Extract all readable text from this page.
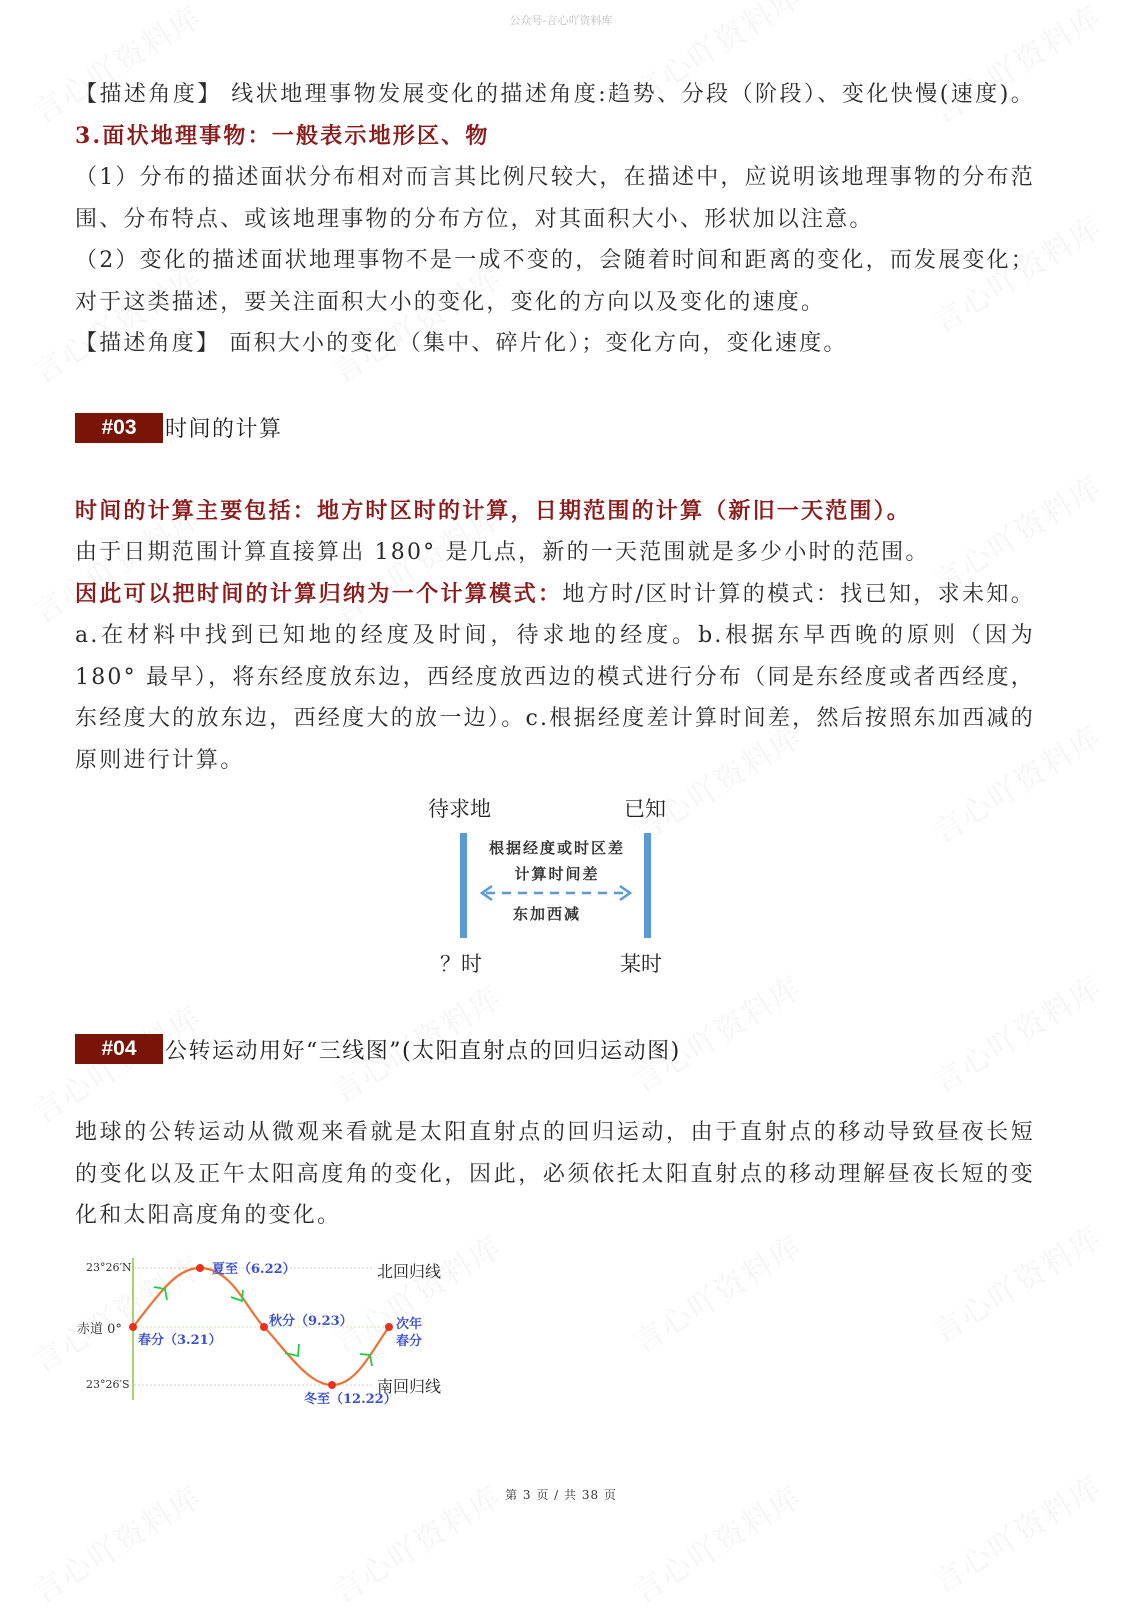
公众号-言心吖资料库

【描述角度】 线状地理事物发展变化的描述角度:趋势、分段（阶段）、变化快慢(速度)。3.面状地理事物：一般表示地形区、物

（1）分布的描述面状分布相对而言其比例尺较大，在描述中，应说明该地理事物的分布范围、分布特点、或该地理事物的分布方位，对其面积大小、形状加以注意。

（2）变化的描述面状地理事物不是一成不变的，会随着时间和距离的变化，而发展变化；对于这类描述，要关注面积大小的变化，变化的方向以及变化的速度。

【描述角度】 面积大小的变化（集中、碎片化）；变化方向，变化速度。

#03	时间的计算

时间的计算主要包括：地方时区时的计算，日期范围的计算（新旧一天范围）。

由于日期范围计算直接算出 180° 是几点，新的一天范围就是多少小时的范围。

因此可以把时间的计算归纳为一个计算模式：地方时/区时计算的模式：找已知，求未知。a.在材料中找到已知地的经度及时间，待求地的经度。b.根据东早西晚的原则（因为 180° 最早），将东经度放东边，西经度放西边的模式进行分布（同是东经度或者西经度，东经度大的放东边，西经度大的放一边）。c.根据经度差计算时间差，然后按照东加西减的原则进行计算。

待求地	已知
根据经度或时区差
计算时间差
东加西减
？时	某时
#04	公转运动用好“三线图”(太阳直射点的回归运动图)

地球的公转运动从微观来看就是太阳直射点的回归运动，由于直射点的移动导致昼夜长短的变化以及正午太阳高度角的变化，因此，必须依托太阳直射点的移动理解昼夜长短的变化和太阳高度角的变化。

23°26′N
赤道 0°
23°26′S
北回归线
南回归线
夏至（6.22）
春分（3.21）
秋分（9.23）
冬至（12.22）
次年春分
第 3 页 / 共 38 页
